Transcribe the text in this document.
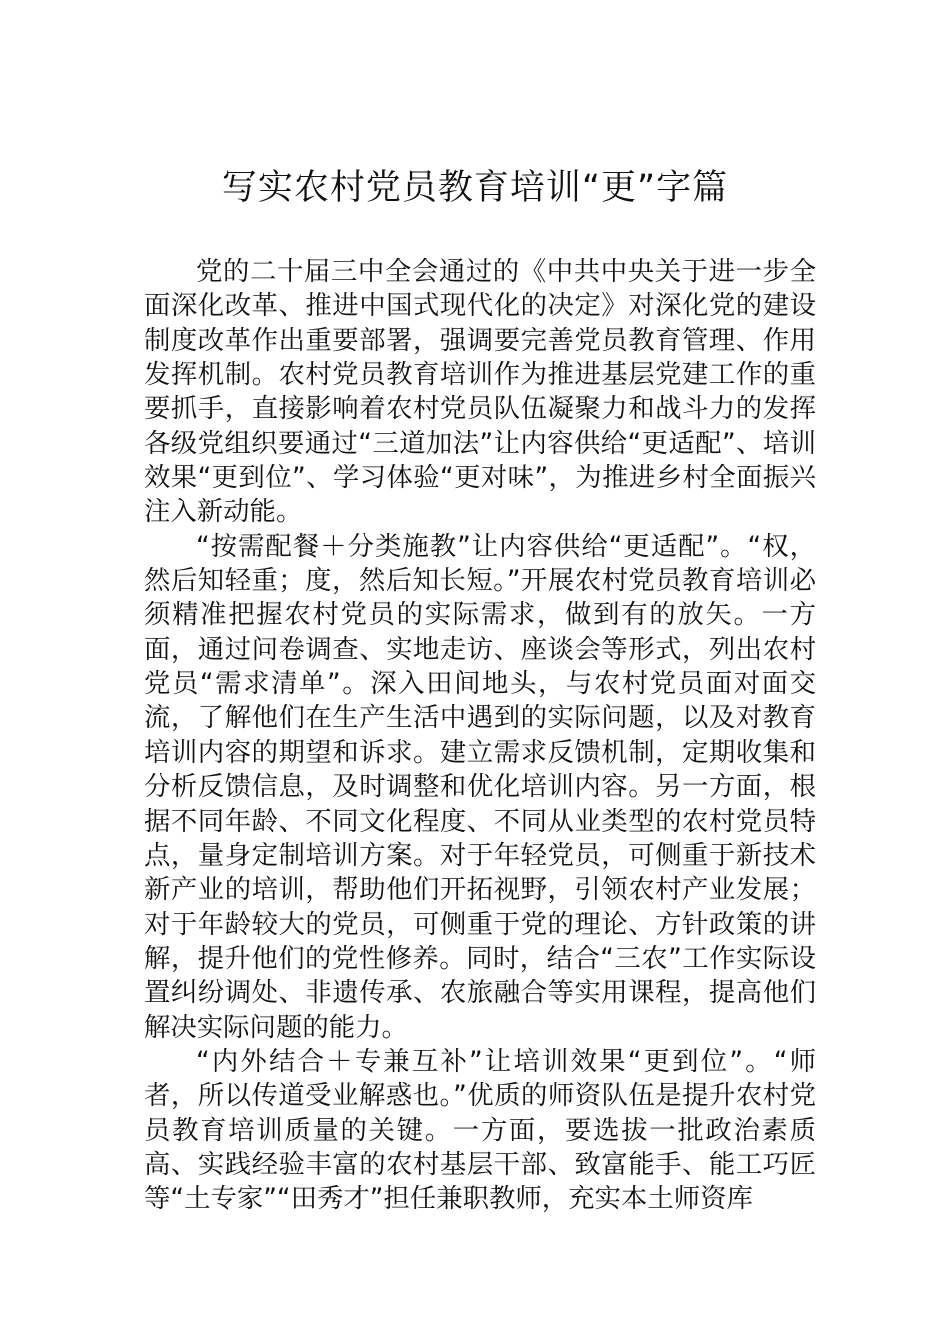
写实农村党员教育培训“更”字篇

党的二十届三中全会通过的《中共中央关于进一步全面深化改革、推进中国式现代化的决定》对深化党的建设制度改革作出重要部署，强调要完善党员教育管理、作用发挥机制。农村党员教育培训作为推进基层党建工作的重要抓手，直接影响着农村党员队伍凝聚力和战斗力的发挥各级党组织要通过“三道加法”让内容供给“更适配”、培训效果“更到位”、学习体验“更对味”，为推进乡村全面振兴注入新动能。

“按需配餐＋分类施教”让内容供给“更适配”。“权，然后知轻重；度，然后知长短。”开展农村党员教育培训必须精准把握农村党员的实际需求，做到有的放矢。一方面，通过问卷调查、实地走访、座谈会等形式，列出农村党员“需求清单”。深入田间地头，与农村党员面对面交流，了解他们在生产生活中遇到的实际问题，以及对教育培训内容的期望和诉求。建立需求反馈机制，定期收集和分析反馈信息，及时调整和优化培训内容。另一方面，根据不同年龄、不同文化程度、不同从业类型的农村党员特点，量身定制培训方案。对于年轻党员，可侧重于新技术新产业的培训，帮助他们开拓视野，引领农村产业发展；对于年龄较大的党员，可侧重于党的理论、方针政策的讲解，提升他们的党性修养。同时，结合“三农”工作实际设置纠纷调处、非遗传承、农旅融合等实用课程，提高他们解决实际问题的能力。

“内外结合＋专兼互补”让培训效果“更到位”。“师者，所以传道受业解惑也。”优质的师资队伍是提升农村党员教育培训质量的关键。一方面，要选拔一批政治素质高、实践经验丰富的农村基层干部、致富能手、能工巧匠等“土专家”“田秀才”担任兼职教师，充实本土师资库
